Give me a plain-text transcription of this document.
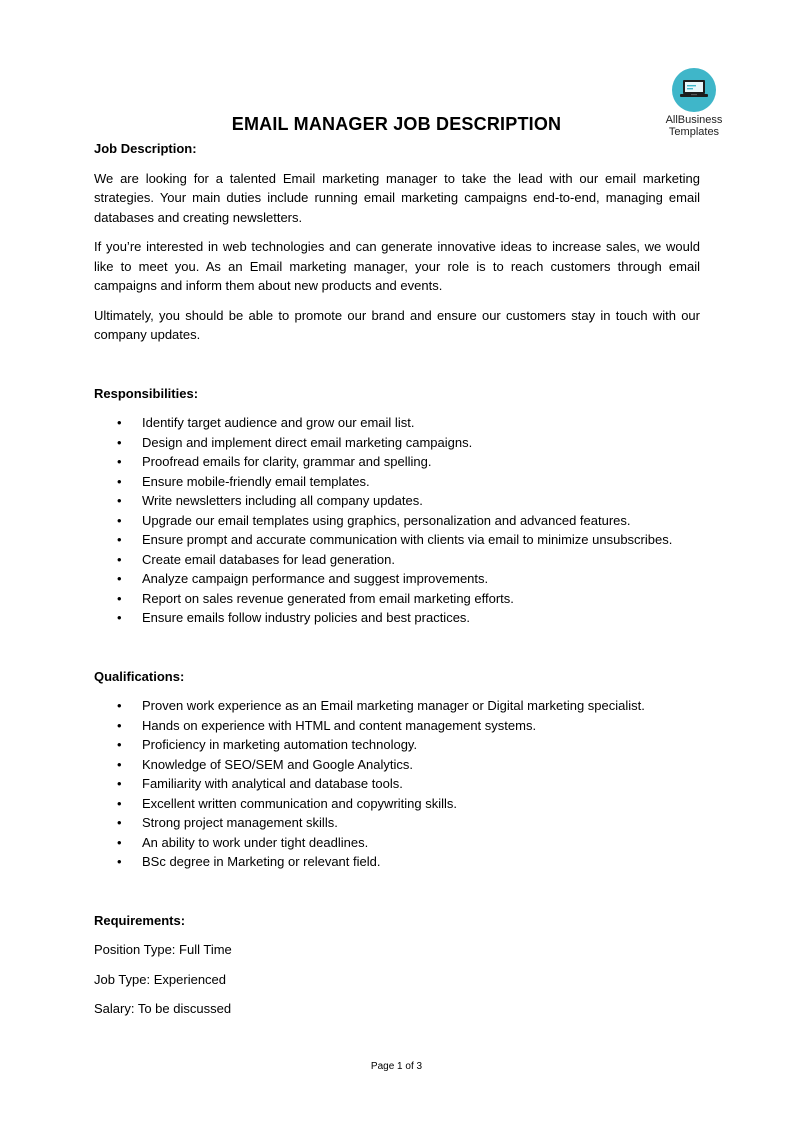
AllBusiness
Templates
EMAIL MANAGER JOB DESCRIPTION

Job Description:

We are looking for a talented Email marketing manager to take the lead with our email marketing strategies. Your main duties include running email marketing campaigns end-to-end, managing email databases and creating newsletters.

If you’re interested in web technologies and can generate innovative ideas to increase sales, we would like to meet you. As an Email marketing manager, your role is to reach customers through email campaigns and inform them about new products and events.

Ultimately, you should be able to promote our brand and ensure our customers stay in touch with our company updates.

Responsibilities:

• Identify target audience and grow our email list.
• Design and implement direct email marketing campaigns.
• Proofread emails for clarity, grammar and spelling.
• Ensure mobile-friendly email templates.
• Write newsletters including all company updates.
• Upgrade our email templates using graphics, personalization and advanced features.
• Ensure prompt and accurate communication with clients via email to minimize unsubscribes.
• Create email databases for lead generation.
• Analyze campaign performance and suggest improvements.
• Report on sales revenue generated from email marketing efforts.
• Ensure emails follow industry policies and best practices.

Qualifications:

• Proven work experience as an Email marketing manager or Digital marketing specialist.
• Hands on experience with HTML and content management systems.
• Proficiency in marketing automation technology.
• Knowledge of SEO/SEM and Google Analytics.
• Familiarity with analytical and database tools.
• Excellent written communication and copywriting skills.
• Strong project management skills.
• An ability to work under tight deadlines.
• BSc degree in Marketing or relevant field.

Requirements:

Position Type: Full Time

Job Type: Experienced

Salary: To be discussed

Page 1 of 3
